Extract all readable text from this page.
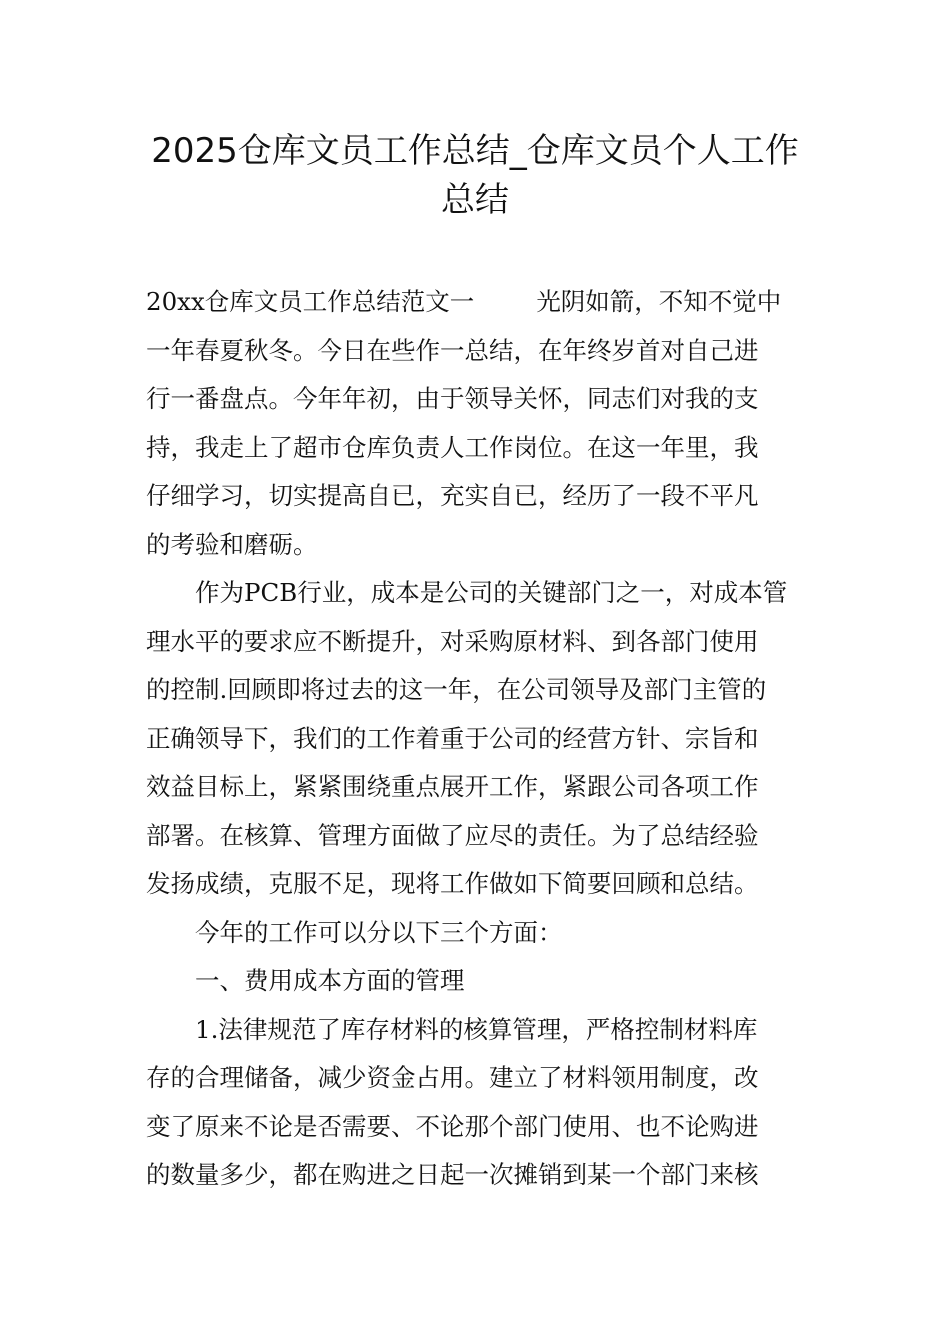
2025仓库文员工作总结_仓库文员个人工作
总结

20xx仓库文员工作总结范文一	光阴如箭，不知不觉中
一年春夏秋冬。今日在些作一总结，在年终岁首对自己进
行一番盘点。今年年初，由于领导关怀，同志们对我的支
持，我走上了超市仓库负责人工作岗位。在这一年里，我
仔细学习，切实提高自已，充实自已，经历了一段不平凡
的考验和磨砺。

作为PCB行业，成本是公司的关键部门之一，对成本管
理水平的要求应不断提升，对采购原材料、到各部门使用
的控制.回顾即将过去的这一年，在公司领导及部门主管的
正确领导下，我们的工作着重于公司的经营方针、宗旨和
效益目标上，紧紧围绕重点展开工作，紧跟公司各项工作
部署。在核算、管理方面做了应尽的责任。为了总结经验
发扬成绩，克服不足，现将工作做如下简要回顾和总结。

今年的工作可以分以下三个方面：

一、费用成本方面的管理

1.法律规范了库存材料的核算管理，严格控制材料库
存的合理储备，减少资金占用。建立了材料领用制度，改
变了原来不论是否需要、不论那个部门使用、也不论购进
的数量多少，都在购进之日起一次摊销到某一个部门来核
